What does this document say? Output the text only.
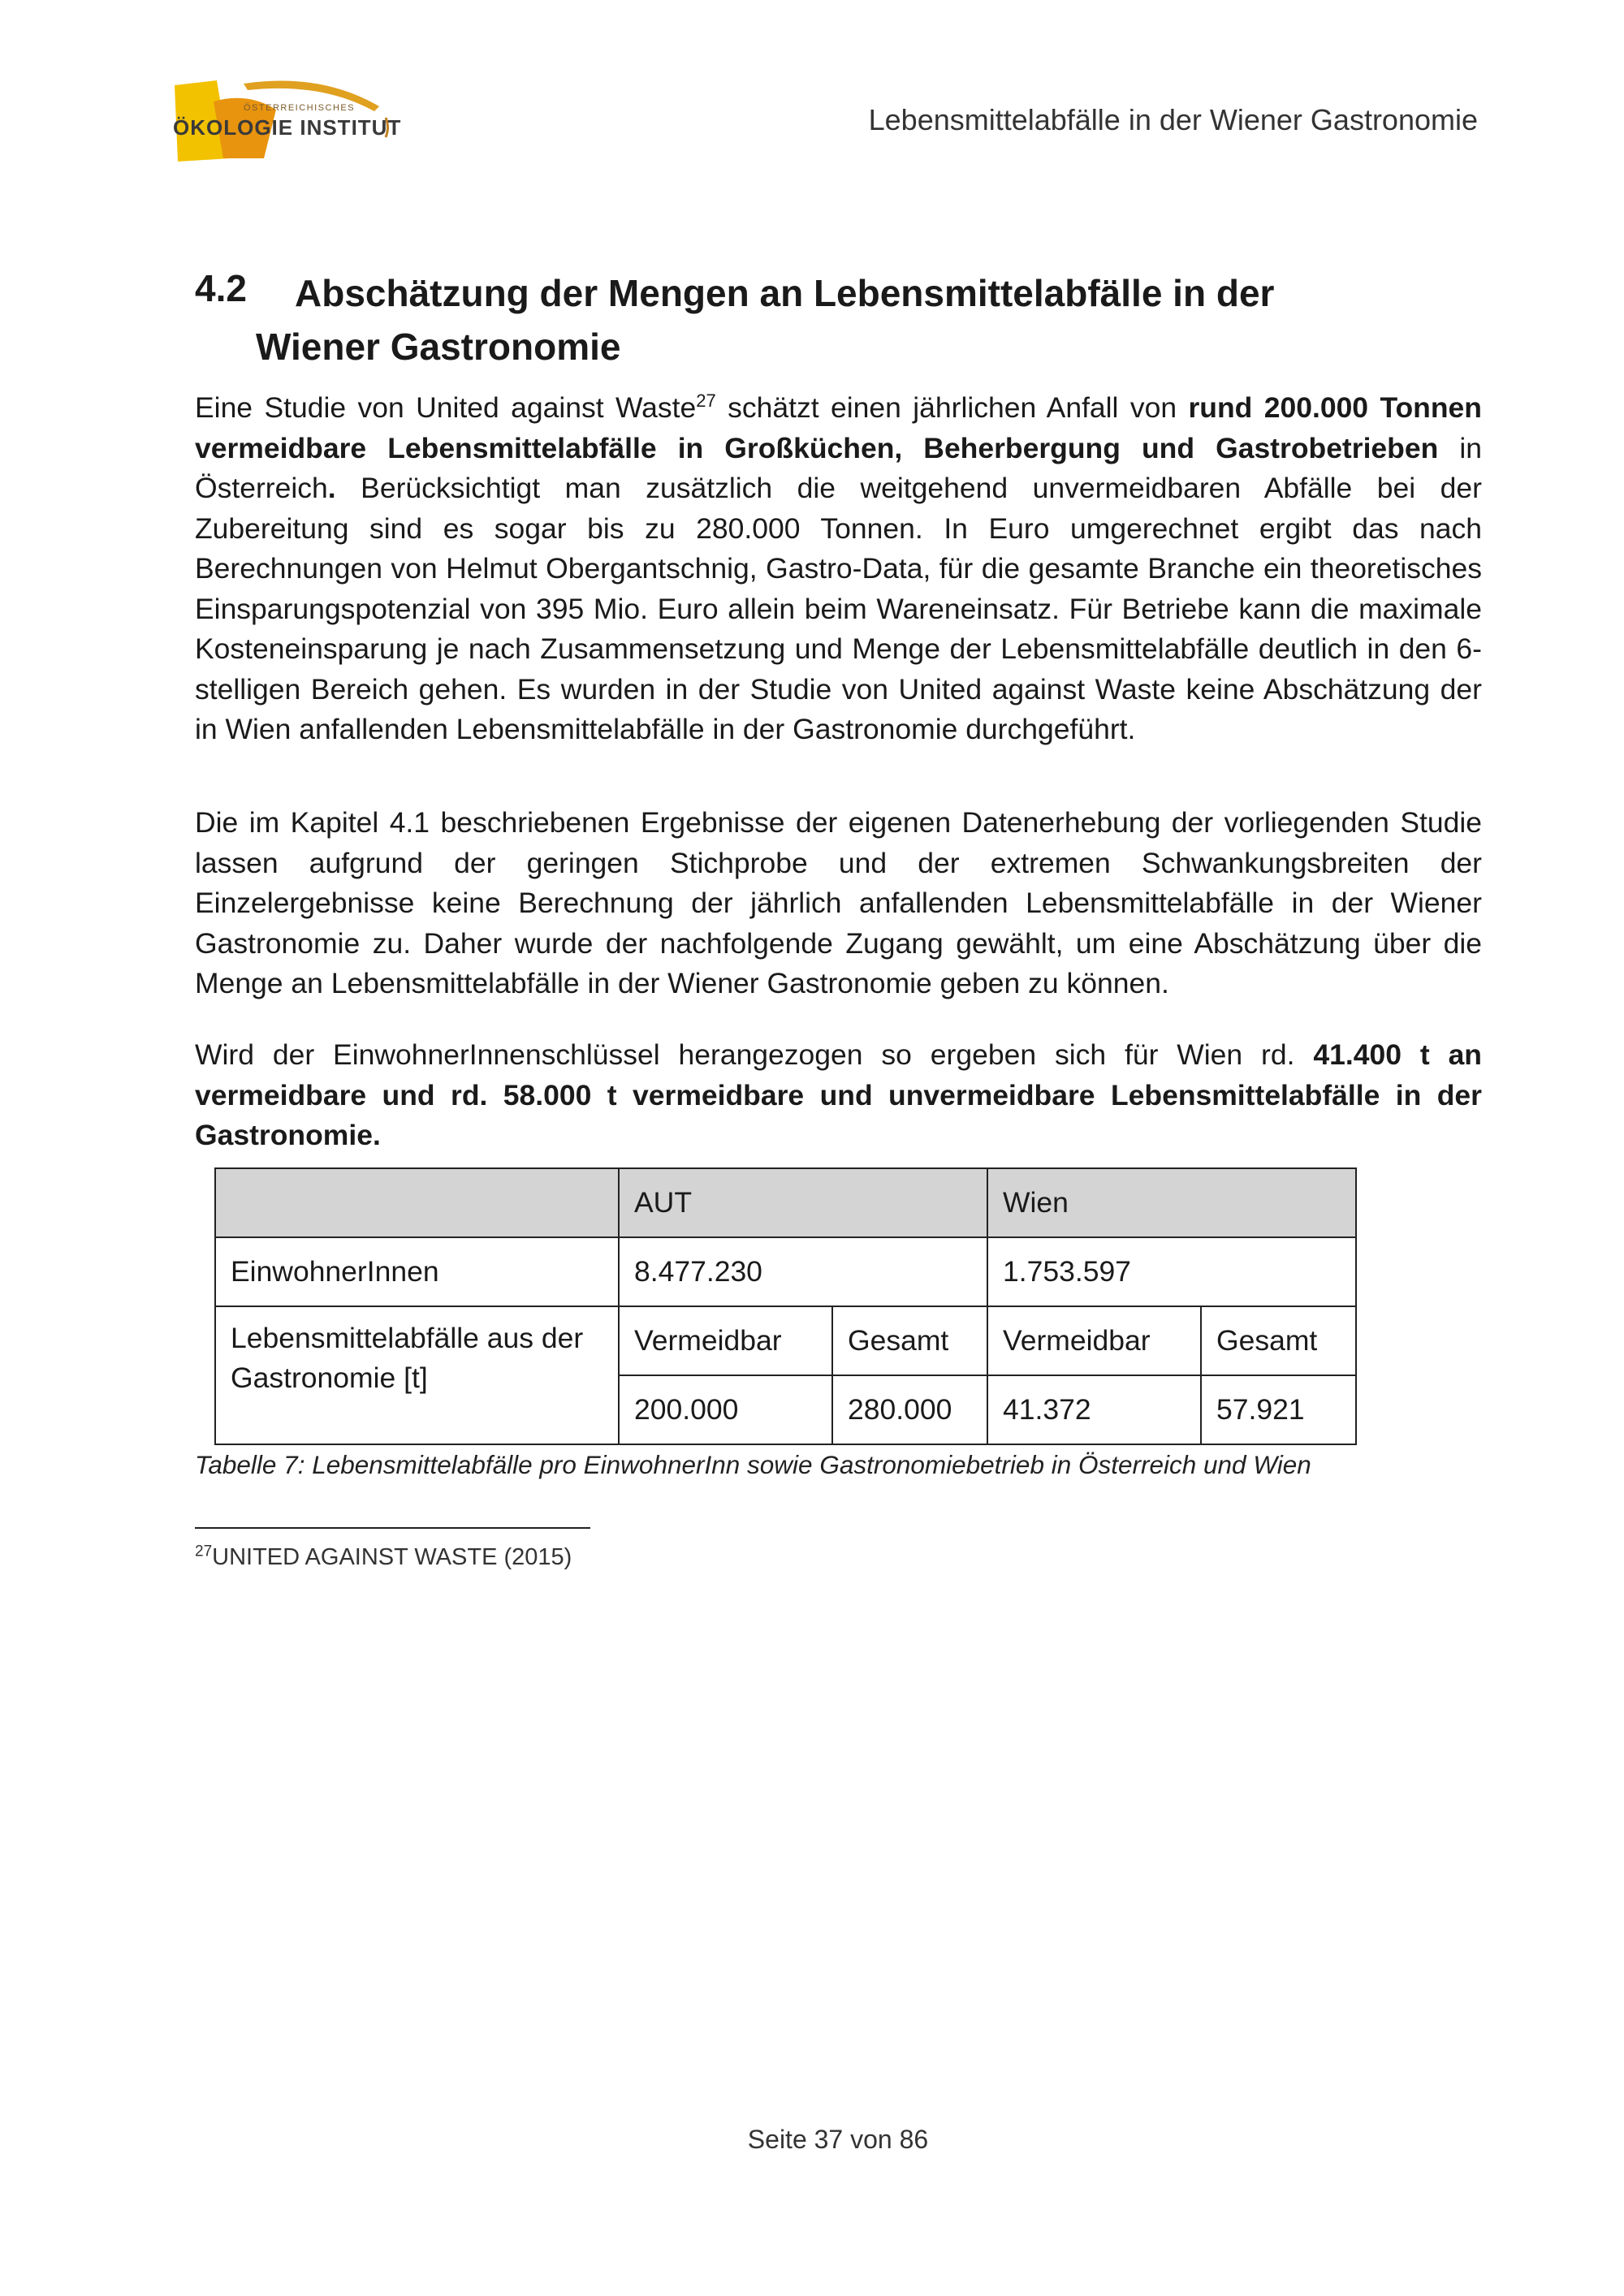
ÖSTERREICHISCHES
ÖKOLOGIE INSTITUT	Lebensmittelabfälle in der Wiener Gastronomie
4.2	Abschätzung der Mengen an Lebensmittelabfälle in der Wiener Gastronomie

Eine Studie von United against Waste$^{27}$ schätzt einen jährlichen Anfall von rund 200.000 Tonnen vermeidbare Lebensmittelabfälle in Großküchen, Beherbergung und Gastrobetrieben in Österreich. Berücksichtigt man zusätzlich die weitgehend unvermeidbaren Abfälle bei der Zubereitung sind es sogar bis zu 280.000 Tonnen. In Euro umgerechnet ergibt das nach Berechnungen von Helmut Obergantschnig, Gastro-Data, für die gesamte Branche ein theoretisches Einsparungspotenzial von 395 Mio. Euro allein beim Wareneinsatz. Für Betriebe kann die maximale Kosteneinsparung je nach Zusammensetzung und Menge der Lebensmittelabfälle deutlich in den 6-stelligen Bereich gehen. Es wurden in der Studie von United against Waste keine Abschätzung der in Wien anfallenden Lebensmittelabfälle in der Gastronomie durchgeführt.

Die im Kapitel 4.1 beschriebenen Ergebnisse der eigenen Datenerhebung der vorliegenden Studie lassen aufgrund der geringen Stichprobe und der extremen Schwankungsbreiten der Einzelergebnisse keine Berechnung der jährlich anfallenden Lebensmittelabfälle in der Wiener Gastronomie zu. Daher wurde der nachfolgende Zugang gewählt, um eine Abschätzung über die Menge an Lebensmittelabfälle in der Wiener Gastronomie geben zu können.

Wird der EinwohnerInnenschlüssel herangezogen so ergeben sich für Wien rd. 41.400 t an vermeidbare und rd. 58.000 t vermeidbare und unvermeidbare Lebensmittelabfälle in der Gastronomie.

	AUT		Wien	
EinwohnerInnen	8.477.230		1.753.597	
Lebensmittelabfälle aus der Gastronomie [t]	Vermeidbar	Gesamt	Vermeidbar	Gesamt
	200.000	280.000	41.372	57.921
Tabelle 7: Lebensmittelabfälle pro EinwohnerInn sowie Gastronomiebetrieb in Österreich und Wien
$^{27}$UNITED AGAINST WASTE (2015)
Seite 37 von 86
